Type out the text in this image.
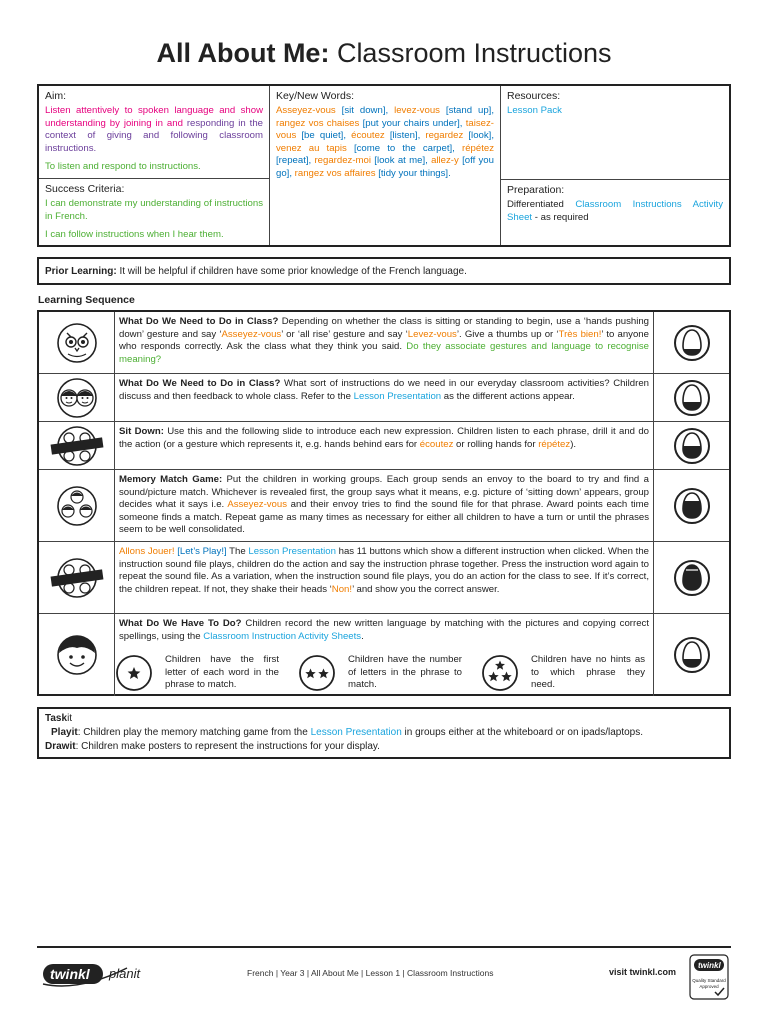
All About Me: Classroom Instructions
Aim:
Listen attentively to spoken language and show understanding by joining in and responding in the context of giving and following classroom instructions.
To listen and respond to instructions.
Success Criteria:
I can demonstrate my understanding of instructions in French.
I can follow instructions when I hear them.
Key/New Words:
Asseyez-vous [sit down], levez-vous [stand up], rangez vos chaises [put your chairs under], taisez-vous [be quiet], écoutez [listen], regardez [look], venez au tapis [come to the carpet], répétez [repeat], regardez-moi [look at me], allez-y [off you go], rangez vos affaires [tidy your things].
Resources:
Lesson Pack
Preparation:
Differentiated Classroom Instructions Activity Sheet - as required
Prior Learning: It will be helpful if children have some prior knowledge of the French language.
Learning Sequence
What Do We Need to Do in Class? Depending on whether the class is sitting or standing to begin, use a ‘hands pushing down’ gesture and say ‘Asseyez-vous’ or ‘all rise’ gesture and say ‘Levez-vous’. Give a thumbs up or ‘Très bien!’ to anyone who responds correctly. Ask the class what they think you said. Do they associate gestures and language to recognise meaning?
What Do We Need to Do in Class? What sort of instructions do we need in our everyday classroom activities? Children discuss and then feedback to whole class. Refer to the Lesson Presentation as the different actions appear.
Sit Down: Use this and the following slide to introduce each new expression. Children listen to each phrase, drill it and do the action (or a gesture which represents it, e.g. hands behind ears for écoutez or rolling hands for répétez).
Memory Match Game: Put the children in working groups. Each group sends an envoy to the board to try and find a sound/picture match. Whichever is revealed first, the group says what it means, e.g. picture of ‘sitting down’ appears, group decides what it says i.e. Asseyez-vous and their envoy tries to find the sound file for that phrase. Award points each time someone finds a match. Repeat game as many times as necessary for either all children to have a turn or until the phrases seem to be well consolidated.
Allons Jouer! [Let’s Play!] The Lesson Presentation has 11 buttons which show a different instruction when clicked. When the instruction sound file plays, children do the action and say the instruction phrase together. Press the instruction word again to repeat the sound file. As a variation, when the instruction sound file plays, you do an action for the class to see. If it’s correct, the children repeat. If not, they shake their heads ‘Non!’ and show you the correct answer.
What Do We Have To Do? Children record the new written language by matching with the pictures and copying correct spellings, using the Classroom Instruction Activity Sheets.
Children have the first letter of each word in the phrase to match.
Children have the number of letters in the phrase to match.
Children have no hints as to which phrase they need.
Taskit
Playit: Children play the memory matching game from the Lesson Presentation in groups either at the whiteboard or on ipads/laptops.
Drawit: Children make posters to represent the instructions for your display.
twinkl planit	French | Year 3 | All About Me | Lesson 1 | Classroom Instructions	visit twinkl.com
twinkl
Quality Standard
Approved
